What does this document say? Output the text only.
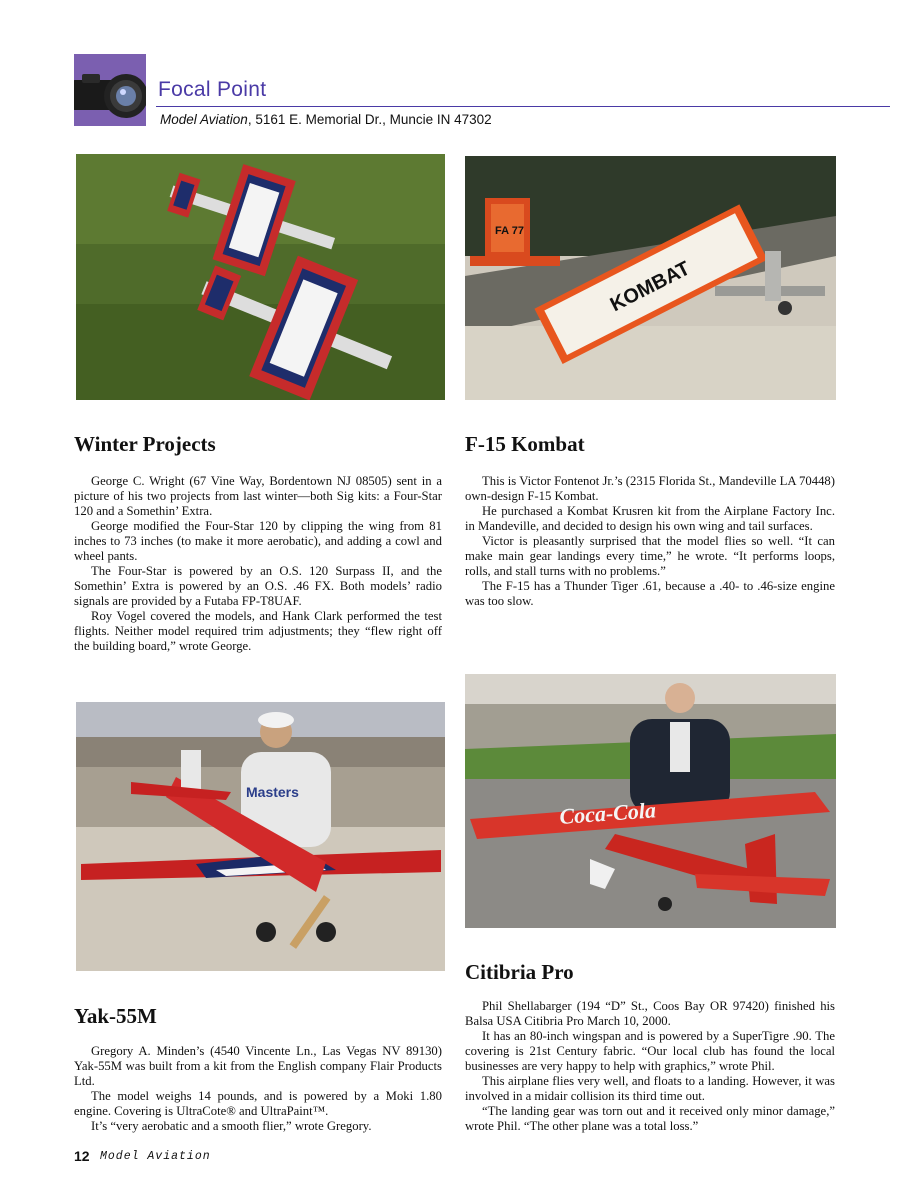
Focal Point
Model Aviation, 5161 E. Memorial Dr., Muncie IN 47302
FA 77
KOMBAT
Masters
Coca-Cola
Winter Projects

George C. Wright (67 Vine Way, Bordentown NJ 08505) sent in a picture of his two projects from last winter—both Sig kits: a Four-Star 120 and a Somethin’ Extra.

George modified the Four-Star 120 by clipping the wing from 81 inches to 73 inches (to make it more aerobatic), and adding a cowl and wheel pants.

The Four-Star is powered by an O.S. 120 Surpass II, and the Somethin’ Extra is powered by an O.S. .46 FX. Both models’ radio signals are provided by a Futaba FP-T8UAF.

Roy Vogel covered the models, and Hank Clark performed the test flights. Neither model required trim adjustments; they “flew right off the building board,” wrote George.

F-15 Kombat

This is Victor Fontenot Jr.’s (2315 Florida St., Mandeville LA 70448) own-design F-15 Kombat.

He purchased a Kombat Krusren kit from the Airplane Factory Inc. in Mandeville, and decided to design his own wing and tail surfaces.

Victor is pleasantly surprised that the model flies so well. “It can make main gear landings every time,” he wrote. “It performs loops, rolls, and stall turns with no problems.”

The F-15 has a Thunder Tiger .61, because a .40- to .46-size engine was too slow.

Yak-55M

Gregory A. Minden’s (4540 Vincente Ln., Las Vegas NV 89130) Yak-55M was built from a kit from the English company Flair Products Ltd.

The model weighs 14 pounds, and is powered by a Moki 1.80 engine. Covering is UltraCote® and UltraPaint™.

It’s “very aerobatic and a smooth flier,” wrote Gregory.

Citibria Pro

Phil Shellabarger (194 “D” St., Coos Bay OR 97420) finished his Balsa USA Citibria Pro March 10, 2000.

It has an 80-inch wingspan and is powered by a SuperTigre .90. The covering is 21st Century fabric. “Our local club has found the local businesses are very happy to help with graphics,” wrote Phil.

This airplane flies very well, and floats to a landing. However, it was involved in a midair collision its third time out.

“The landing gear was torn out and it received only minor damage,” wrote Phil. “The other plane was a total loss.”

12 Model Aviation
